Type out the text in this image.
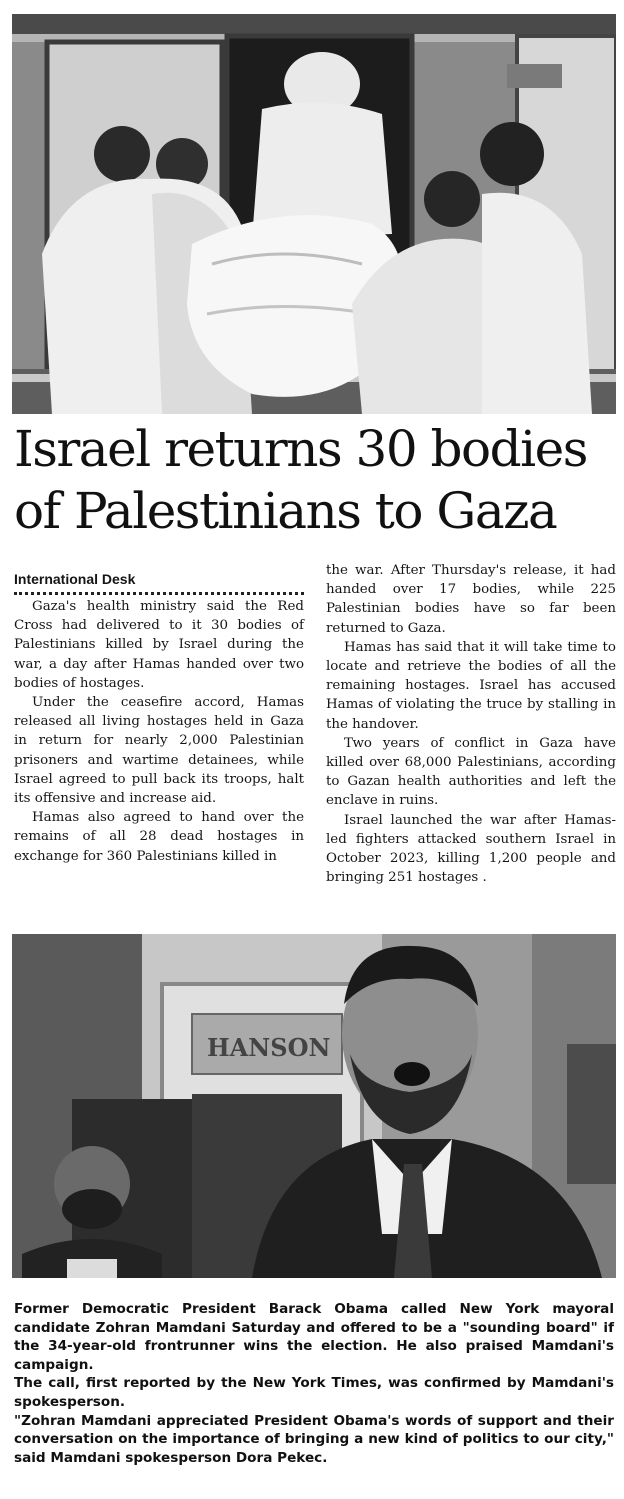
Israel returns 30 bodies of Palestinians to Gaza
International Desk

Gaza's health ministry said the Red Cross had delivered to it 30 bodies of Palestinians killed by Israel during the war, a day after Hamas handed over two bodies of hostages.

Under the ceasefire accord, Hamas released all living hostages held in Gaza in return for nearly 2,000 Palestinian prisoners and wartime detainees, while Israel agreed to pull back its troops, halt its offensive and increase aid.

Hamas also agreed to hand over the remains of all 28 dead hostages in exchange for 360 Palestinians killed in

the war. After Thursday's release, it had handed over 17 bodies, while 225 Palestinian bodies have so far been returned to Gaza.

Hamas has said that it will take time to locate and retrieve the bodies of all the remaining hostages. Israel has accused Hamas of violating the truce by stalling in the handover.

Two years of conflict in Gaza have killed over 68,000 Palestinians, according to Gazan health authorities and left the enclave in ruins.

Israel launched the war after Hamas-led fighters attacked southern Israel in October 2023, killing 1,200 people and bringing 251 hostages .

HANSON

Former Democratic President Barack Obama called New York mayoral candidate Zohran Mamdani Saturday and offered to be a "sounding board" if the 34-year-old frontrunner wins the election. He also praised Mamdani's campaign.

The call, first reported by the New York Times, was confirmed by Mamdani's spokesperson.

"Zohran Mamdani appreciated President Obama's words of support and their conversation on the importance of bringing a new kind of politics to our city," said Mamdani spokesperson Dora Pekec.
